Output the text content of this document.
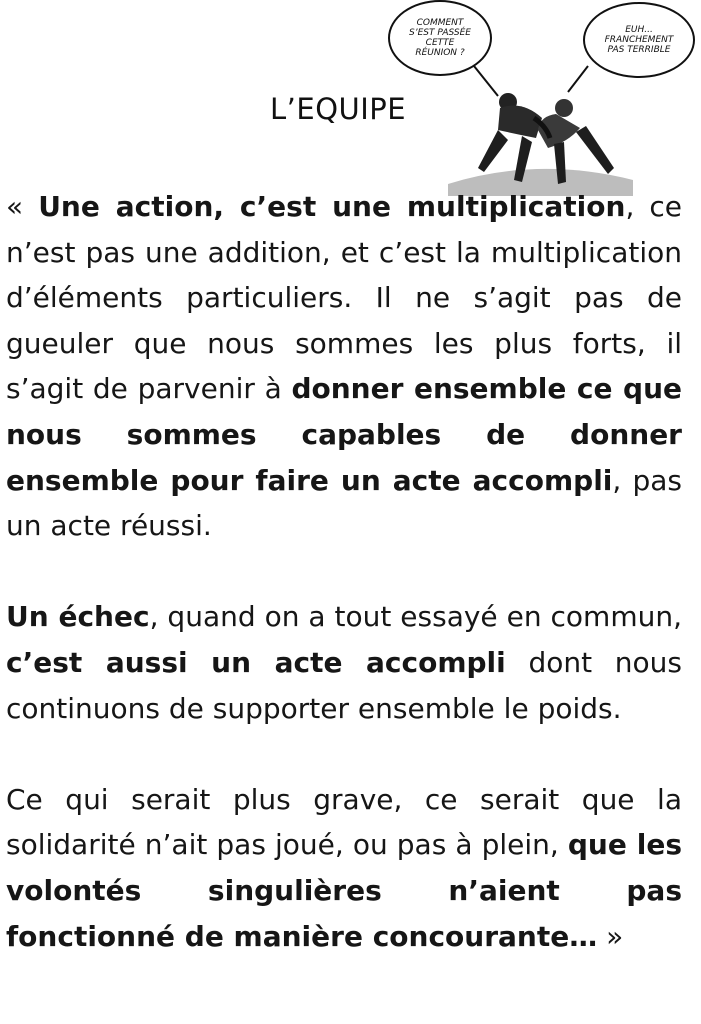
L’EQUIPE
COMMENT S’EST PASSÉE CETTE RÉUNION ?
EUH... FRANCHEMENT PAS TERRIBLE

« Une action, c’est une multiplication, ce n’est pas une addition, et c’est la multiplication d’éléments particuliers. Il ne s’agit pas de gueuler que nous sommes les plus forts, il s’agit de parvenir à donner ensemble ce que nous sommes capables de donner ensemble pour faire un acte accompli, pas un acte réussi.

Un échec, quand on a tout essayé en commun, c’est aussi un acte accompli dont nous continuons de supporter ensemble le poids.

Ce qui serait plus grave, ce serait que la solidarité n’ait pas joué, ou pas à plein, que les volontés singulières n’aient pas fonctionné de manière concourante… »
